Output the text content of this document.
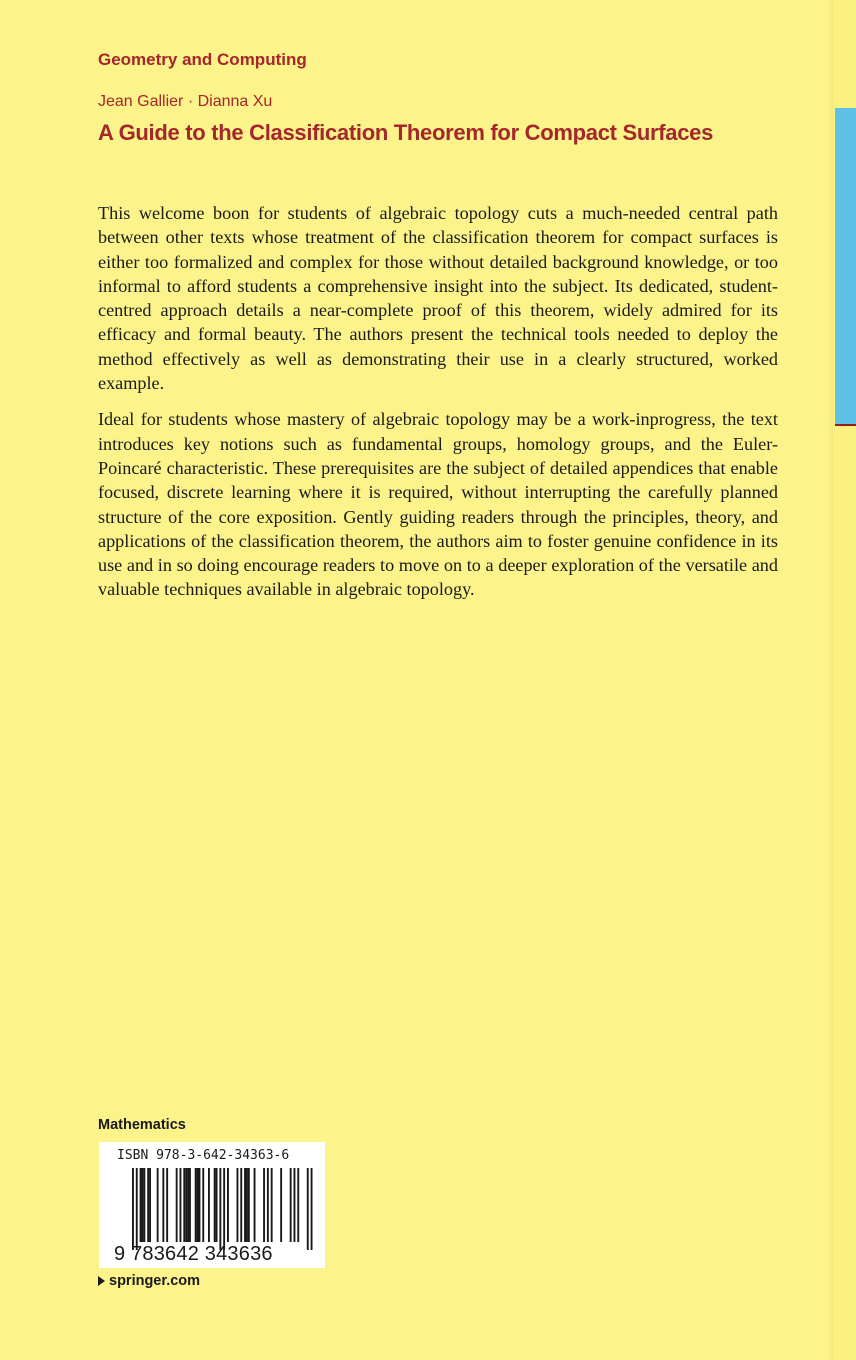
Geometry and Computing
Jean Gallier · Dianna Xu
A Guide to the Classification Theorem for Compact Surfaces

This welcome boon for students of algebraic topology cuts a much-needed central path between other texts whose treatment of the classification theorem for compact surfaces is either too formalized and complex for those without detailed background knowledge, or too informal to afford students a comprehensive insight into the subject. Its dedicated, student-centred approach details a near-complete proof of this theorem, widely admired for its efficacy and formal beauty. The authors present the technical tools needed to deploy the method effectively as well as demonstrating their use in a clearly structured, worked example.

Ideal for students whose mastery of algebraic topology may be a work-inprogress, the text introduces key notions such as fundamental groups, homology groups, and the Euler-Poincaré characteristic. These prerequisites are the subject of detailed appendices that enable focused, discrete learning where it is required, without interrupting the carefully planned structure of the core exposition. Gently guiding readers through the principles, theory, and applications of the classification theorem, the authors aim to foster genuine confidence in its use and in so doing encourage readers to move on to a deeper exploration of the versatile and valuable techniques available in algebraic topology.

Mathematics
ISBN 978-3-642-34363-6
9 783642 343636
springer.com
